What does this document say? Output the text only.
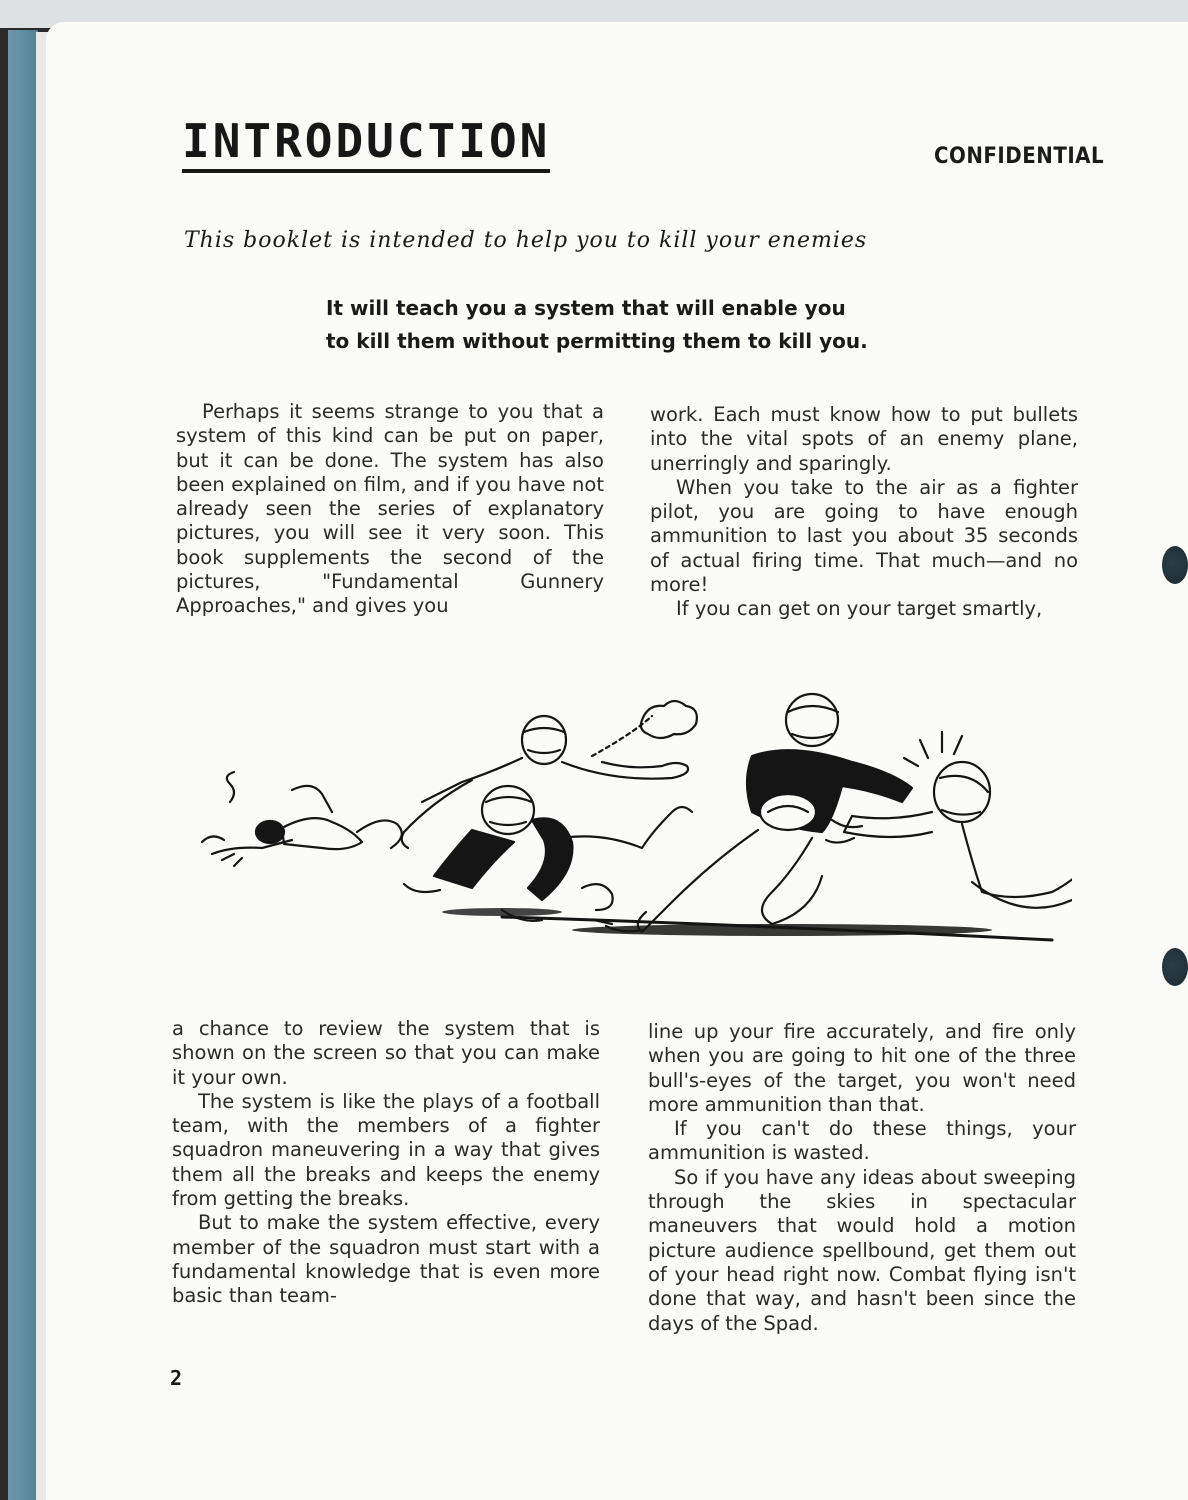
INTRODUCTION	CONFIDENTIAL
This booklet is intended to help you to kill your enemies
It will teach you a system that will enable you
to kill them without permitting them to kill you.

Perhaps it seems strange to you that a system of this kind can be put on paper, but it can be done. The system has also been explained on film, and if you have not already seen the series of explanatory pictures, you will see it very soon. This book supplements the second of the pictures, "Fundamental Gunnery Approaches," and gives you

work. Each must know how to put bullets into the vital spots of an enemy plane, unerringly and sparingly.

When you take to the air as a fighter pilot, you are going to have enough ammunition to last you about 35 seconds of actual firing time. That much—and no more!

If you can get on your target smartly,

a chance to review the system that is shown on the screen so that you can make it your own.

The system is like the plays of a football team, with the members of a fighter squadron maneuvering in a way that gives them all the breaks and keeps the enemy from getting the breaks.

But to make the system effective, every member of the squadron must start with a fundamental knowledge that is even more basic than team-

line up your fire accurately, and fire only when you are going to hit one of the three bull's-eyes of the target, you won't need more ammunition than that.

If you can't do these things, your ammunition is wasted.

So if you have any ideas about sweeping through the skies in spectacular maneuvers that would hold a motion picture audience spellbound, get them out of your head right now. Combat flying isn't done that way, and hasn't been since the days of the Spad.

2
